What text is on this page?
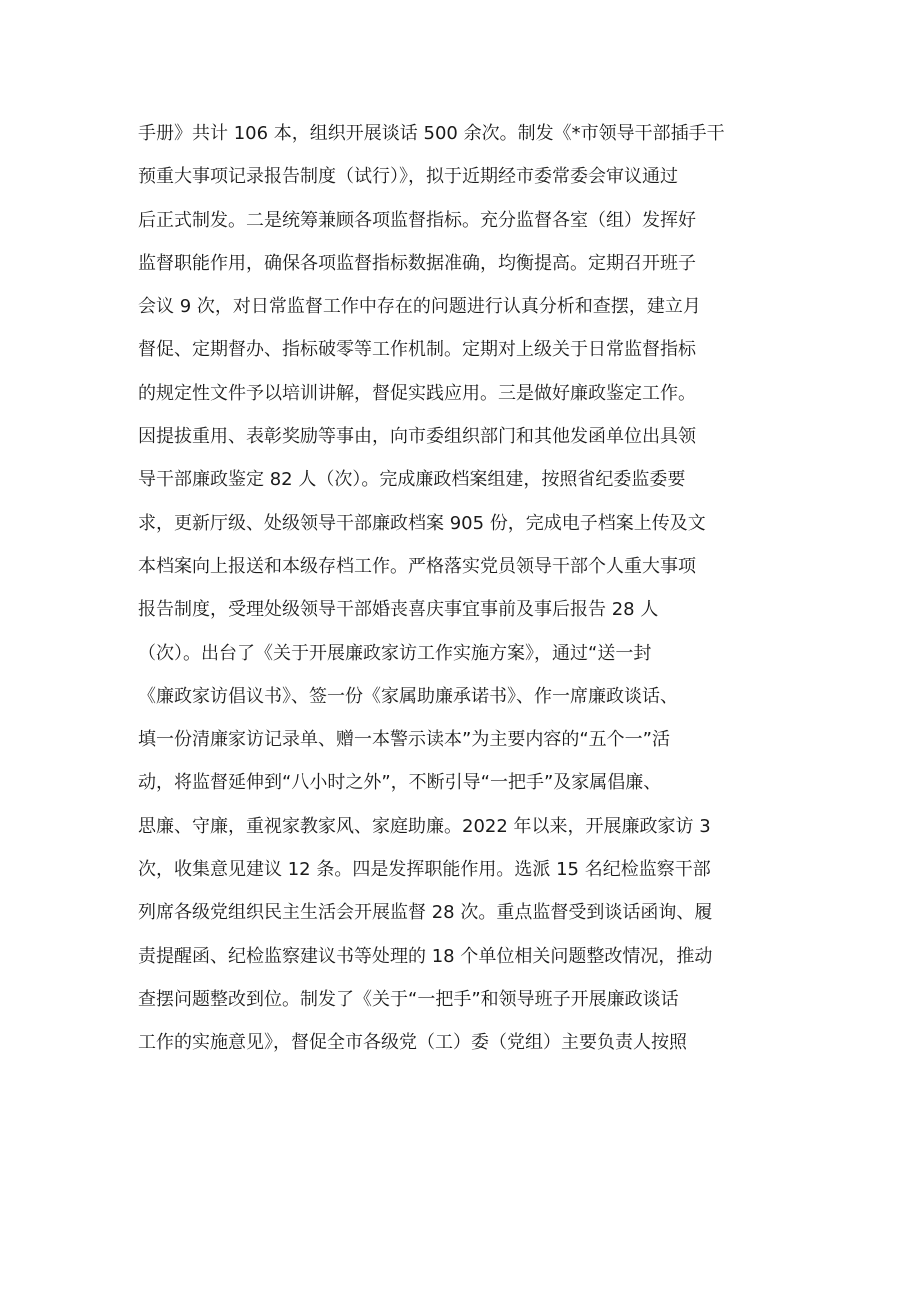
手册》共计 106 本，组织开展谈话 500 余次。制发《*市领导干部插手干
预重大事项记录报告制度（试行）》，拟于近期经市委常委会审议通过
后正式制发。二是统筹兼顾各项监督指标。充分监督各室（组）发挥好
监督职能作用，确保各项监督指标数据准确，均衡提高。定期召开班子
会议 9 次，对日常监督工作中存在的问题进行认真分析和查摆，建立月
督促、定期督办、指标破零等工作机制。定期对上级关于日常监督指标
的规定性文件予以培训讲解，督促实践应用。三是做好廉政鉴定工作。
因提拔重用、表彰奖励等事由，向市委组织部门和其他发函单位出具领
导干部廉政鉴定 82 人（次）。完成廉政档案组建，按照省纪委监委要
求，更新厅级、处级领导干部廉政档案 905 份，完成电子档案上传及文
本档案向上报送和本级存档工作。严格落实党员领导干部个人重大事项
报告制度，受理处级领导干部婚丧喜庆事宜事前及事后报告 28 人
（次）。出台了《关于开展廉政家访工作实施方案》，通过“送一封
《廉政家访倡议书》、签一份《家属助廉承诺书》、作一席廉政谈话、
填一份清廉家访记录单、赠一本警示读本”为主要内容的“五个一”活
动，将监督延伸到“八小时之外”，不断引导“一把手”及家属倡廉、
思廉、守廉，重视家教家风、家庭助廉。2022 年以来，开展廉政家访 3
次，收集意见建议 12 条。四是发挥职能作用。选派 15 名纪检监察干部
列席各级党组织民主生活会开展监督 28 次。重点监督受到谈话函询、履
责提醒函、纪检监察建议书等处理的 18 个单位相关问题整改情况，推动
查摆问题整改到位。制发了《关于“一把手”和领导班子开展廉政谈话
工作的实施意见》，督促全市各级党（工）委（党组）主要负责人按照
